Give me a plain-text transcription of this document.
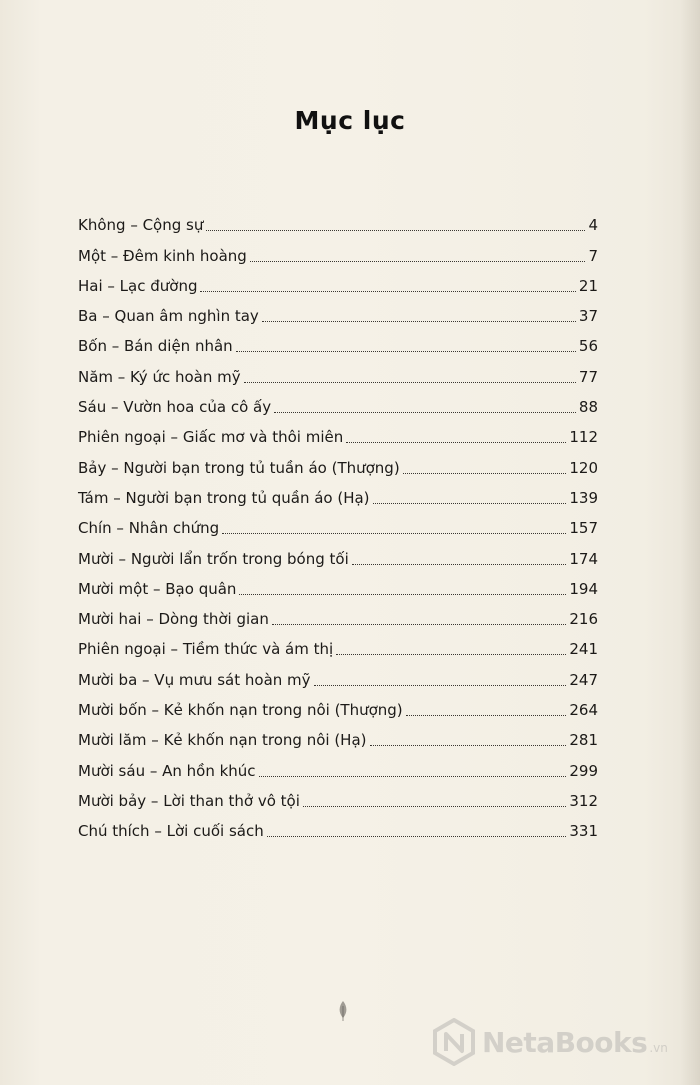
Mục lục
Không – Cộng sự	4
Một – Đêm kinh hoàng	7
Hai – Lạc đường	21
Ba – Quan âm nghìn tay	37
Bốn – Bán diện nhân	56
Năm – Ký ức hoàn mỹ	77
Sáu – Vườn hoa của cô ấy	88
Phiên ngoại – Giấc mơ và thôi miên	112
Bảy – Người bạn trong tủ tuần áo (Thượng)	120
Tám – Người bạn trong tủ quần áo (Hạ)	139
Chín – Nhân chứng	157
Mười – Người lẩn trốn trong bóng tối	174
Mười một – Bạo quân	194
Mười hai – Dòng thời gian	216
Phiên ngoại – Tiềm thức và ám thị	241
Mười ba – Vụ mưu sát hoàn mỹ	247
Mười bốn – Kẻ khốn nạn trong nôi (Thượng)	264
Mười lăm – Kẻ khốn nạn trong nôi (Hạ)	281
Mười sáu – An hồn khúc	299
Mười bảy – Lời than thở vô tội	312
Chú thích – Lời cuối sách	331
NetaBooks .vn
